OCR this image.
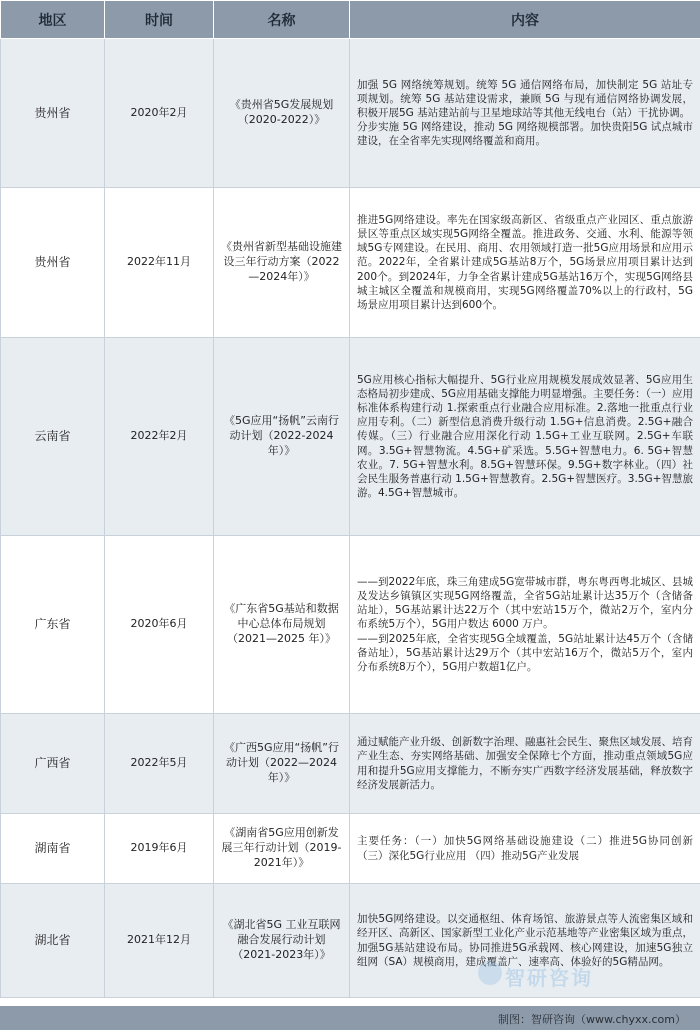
地区	时间	名称	内容
贵州省	2020年2月	《贵州省5G发展规划（2020-2022）》	加强 5G 网络统筹规划。统筹 5G 通信网络布局，加快制定 5G 站址专项规划。统筹 5G 基站建设需求，兼顾 5G 与现有通信网络协调发展，积极开展5G 基站建站前与卫星地球站等其他无线电台（站）干扰协调。
分步实施 5G 网络建设，推动 5G 网络规模部署。加快贵阳5G 试点城市建设，在全省率先实现网络覆盖和商用。

贵州省	2022年11月	《贵州省新型基础设施建设三年行动方案（2022—2024年）》	推进5G网络建设。率先在国家级高新区、省级重点产业园区、重点旅游景区等重点区域实现5G网络全覆盖。推进政务、交通、水利、能源等领域5G专网建设。在民用、商用、农用领域打造一批5G应用场景和应用示范。2022年，全省累计建成5G基站8万个，5G场景应用项目累计达到200个。到2024年，力争全省累计建成5G基站16万个，实现5G网络县城主城区全覆盖和规模商用，实现5G网络覆盖70%以上的行政村，5G场景应用项目累计达到600个。

云南省	2022年2月	《5G应用“扬帆”云南行动计划（2022-2024年）》	5G应用核心指标大幅提升、5G行业应用规模发展成效显著、5G应用生态格局初步建成、5G应用基础支撑能力明显增强。主要任务：（一）应用标准体系构建行动 1.探索重点行业融合应用标准。2.落地一批重点行业应用专利。（二）新型信息消费升级行动 1.5G+信息消费。2.5G+融合传媒。（三）行业融合应用深化行动 1.5G+工业互联网。2.5G+车联网。3.5G+智慧物流。4.5G+矿采选。5.5G+智慧电力。6. 5G+智慧农业。7. 5G+智慧水利。8.5G+智慧环保。9.5G+数字林业。（四）社会民生服务普惠行动 1.5G+智慧教育。2.5G+智慧医疗。3.5G+智慧旅游。4.5G+智慧城市。

广东省	2020年6月	《广东省5G基站和数据中心总体布局规划（2021—2025 年）》	——到2022年底，珠三角建成5G宽带城市群，粤东粤西粤北城区、县城及发达乡镇镇区实现5G网络覆盖，全省5G站址累计达35万个（含储备站址），5G基站累计达22万个（其中宏站15万个，微站2万个，室内分布系统5万个），5G用户数达 6000 万户。
——到2025年底，全省实现5G全域覆盖，5G站址累计达45万个（含储备站址），5G基站累计达29万个（其中宏站16万个，微站5万个，室内分布系统8万个），5G用户数超1亿户。

广西省	2022年5月	《广西5G应用“扬帆”行动计划（2022—2024年）》	通过赋能产业升级、创新数字治理、融惠社会民生、聚焦区域发展、培育产业生态、夯实网络基础、加强安全保障七个方面，推动重点领域5G应用和提升5G应用支撑能力，不断夯实广西数字经济发展基础，释放数字经济发展新活力。

湖南省	2019年6月	《湖南省5G应用创新发展三年行动计划（2019-2021年）》	主要任务：（一）加快5G网络基础设施建设（二）推进5G协同创新 （三）深化5G行业应用 （四）推动5G产业发展

湖北省	2021年12月	《湖北省5G 工业互联网融合发展行动计划（2021-2023年）》	加快5G网络建设。以交通枢纽、体育场馆、旅游景点等人流密集区域和经开区、高新区、国家新型工业化产业示范基地等产业密集区域为重点，加强5G基站建设布局。协同推进5G承载网、核心网建设，加速5G独立组网（SA）规模商用，建成覆盖广、速率高、体验好的5G精品网。
智研咨询
制图：智研咨询（www.chyxx.com）
